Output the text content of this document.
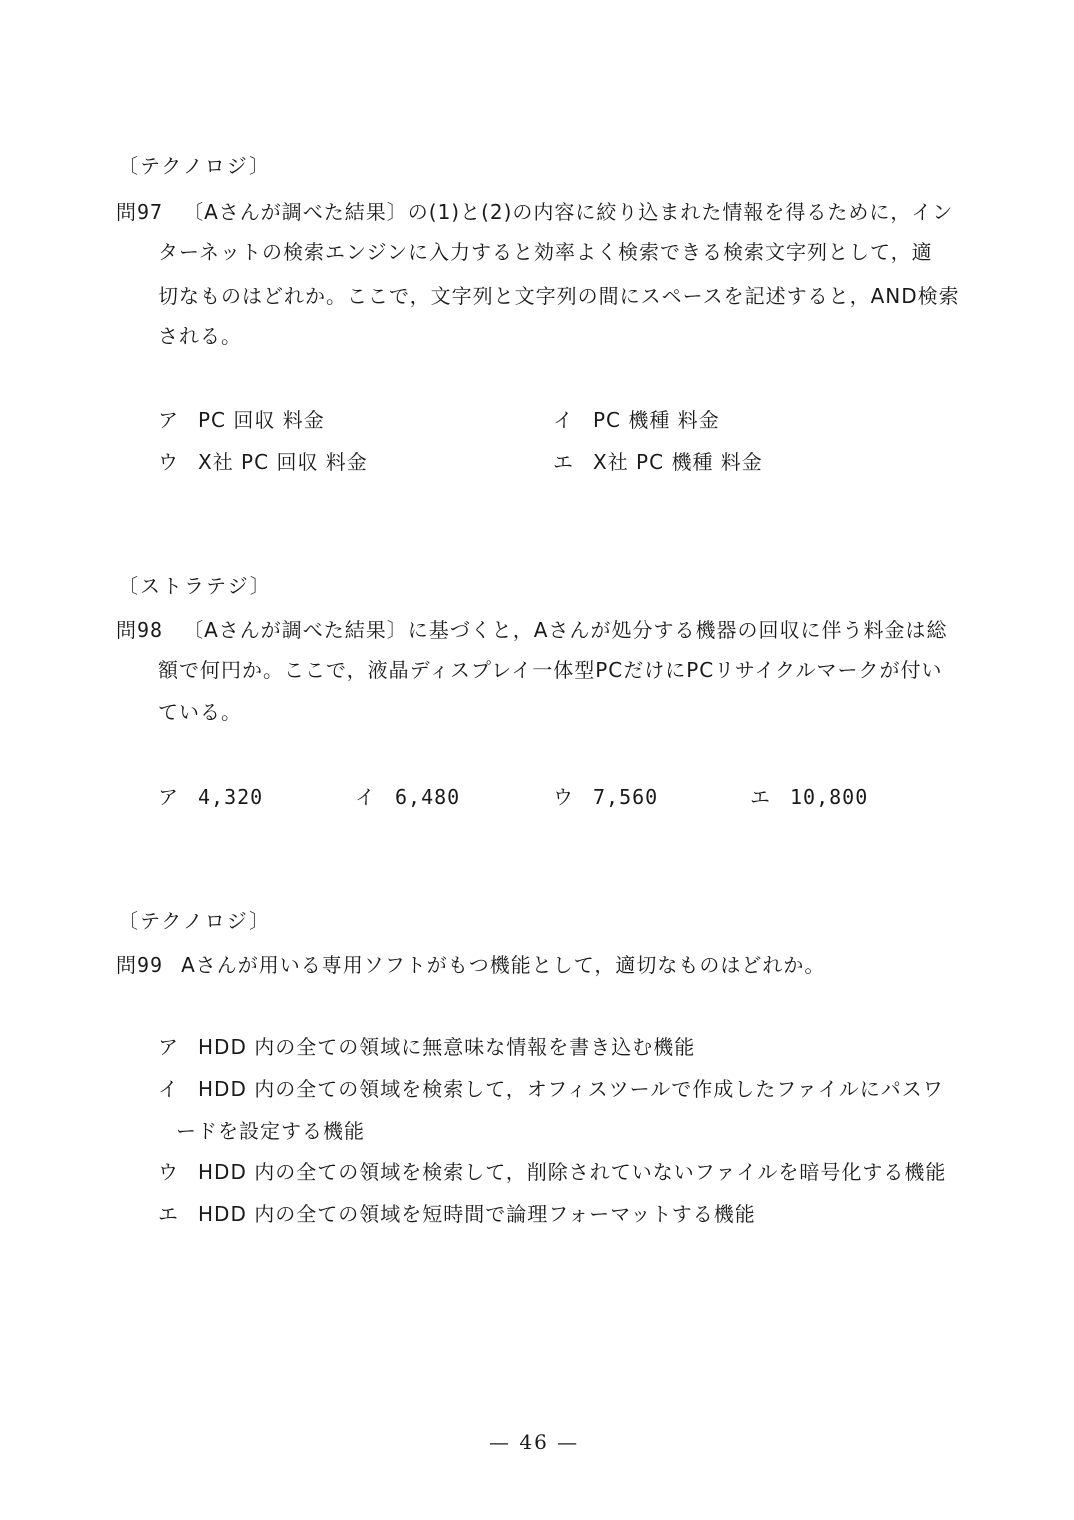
〔テクノロジ〕
問97 〔Aさんが調べた結果〕の(1)と(2)の内容に絞り込まれた情報を得るために，イン
ターネットの検索エンジンに入力すると効率よく検索できる検索文字列として，適
切なものはどれか。ここで，文字列と文字列の間にスペースを記述すると，AND検索
される。
ア PC 回収 料金	イ PC 機種 料金
ウ X社 PC 回収 料金	エ X社 PC 機種 料金
〔ストラテジ〕
問98 〔Aさんが調べた結果〕に基づくと，Aさんが処分する機器の回収に伴う料金は総
額で何円か。ここで，液晶ディスプレイ一体型PCだけにPCリサイクルマークが付い
ている。
ア 4,320	イ 6,480	ウ 7,560	エ 10,800
〔テクノロジ〕
問99 Aさんが用いる専用ソフトがもつ機能として，適切なものはどれか。
ア HDD 内の全ての領域に無意味な情報を書き込む機能
イ HDD 内の全ての領域を検索して，オフィスツールで作成したファイルにパスワ
ードを設定する機能
ウ HDD 内の全ての領域を検索して，削除されていないファイルを暗号化する機能
エ HDD 内の全ての領域を短時間で論理フォーマットする機能
— 46 —
